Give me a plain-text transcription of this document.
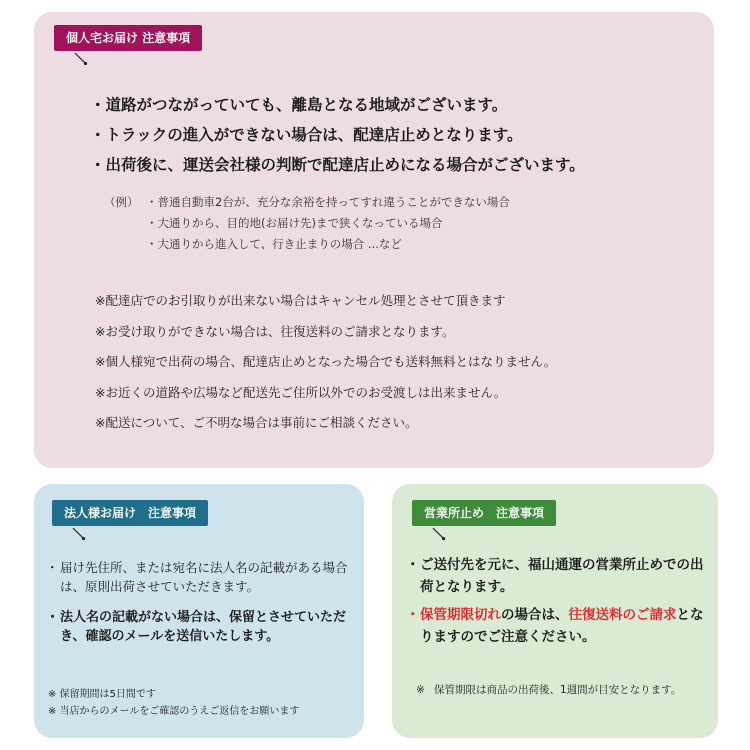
個人宅お届け 注意事項
・道路がつながっていても、離島となる地域がございます。
・トラックの進入ができない場合は、配達店止めとなります。
・出荷後に、運送会社様の判断で配達店止めになる場合がございます。
（例） ・普通自動車2台が、充分な余裕を持ってすれ違うことができない場合
・大通りから、目的地(お届け先)まで狭くなっている場合
・大通りから進入して、行き止まりの場合 ...など
※配達店でのお引取りが出来ない場合はキャンセル処理とさせて頂きます
※お受け取りができない場合は、往復送料のご請求となります。
※個人様宛で出荷の場合、配達店止めとなった場合でも送料無料とはなりません。
※お近くの道路や広場など配送先ご住所以外でのお受渡しは出来ません。
※配送について、ご不明な場合は事前にご相談ください。
法人様お届け　注意事項
・ 届け先住所、または宛名に法人名の記載がある場合は、原則出荷させていただきます。
・ 法人名の記載がない場合は、保留とさせていただき、確認のメールを送信いたします。
※ 保留期間は5日間です
※ 当店からのメールをご確認のうえご返信をお願います
営業所止め　注意事項
・ ご送付先を元に、福山通運の営業所止めでの出荷となります。
・ 保管期限切れの場合は、往復送料のご請求となりますのでご注意ください。
※ 保管期限は商品の出荷後、1週間が目安となります。
